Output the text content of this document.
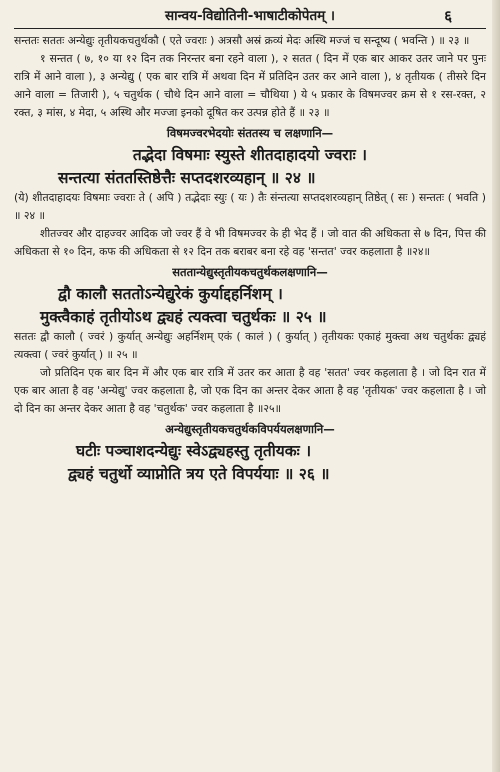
सान्वय-विद्योतिनी-भाषाटीकोपेतम् ।	६

सन्ततः सततः अन्येद्युः तृतीयकचतुर्थकौ ( एते ज्वराः ) अत्रसौ अस्रं क्रव्यं मेदः अस्थि मज्जं च सन्दूष्य ( भवन्ति ) ॥ २३ ॥

१ सन्तत ( ७, १० या १२ दिन तक निरन्तर बना रहने वाला ), २ सतत ( दिन में एक बार आकर उतर जाने पर पुनः रात्रि में आने वाला ), ३ अन्येद्यु ( एक बार रात्रि में अथवा दिन में प्रतिदिन उतर कर आने वाला ), ४ तृतीयक ( तीसरे दिन आने वाला = तिजारी ), ५ चतुर्थक ( चौथे दिन आने वाला = चौथिया ) ये ५ प्रकार के विषमज्वर क्रम से १ रस-रक्त, २ रक्त, ३ मांस, ४ मेदा, ५ अस्थि और मज्जा इनको दूषित कर उत्पन्न होते हैं ॥ २३ ॥

विषमज्वरभेदयोः संततस्य च लक्षणानि—

तद्भेदा विषमाः स्युस्ते शीतदाहादयो ज्वराः ।

सन्तत्या संततस्तिष्ठेत्तैः सप्तदशरव्यहान् ॥ २४ ॥

(ये) शीतदाहादयः विषमाः ज्वराः ते ( अपि ) तद्भेदाः स्युः ( यः ) तैः संन्तत्या सप्तदशरव्यहान् तिष्ठेत् ( सः ) सन्ततः ( भवति ) ॥ २४ ॥

शीतज्वर और दाहज्वर आदिक जो ज्वर हैं वे भी विषमज्वर के ही भेद हैं । जो वात की अधिकता से ७ दिन, पित्त की अधिकता से १० दिन, कफ की अधिकता से १२ दिन तक बराबर बना रहे वह 'सन्तत' ज्वर कहलाता है ॥२४॥

सततान्येद्युस्तृतीयकचतुर्थकलक्षणानि—

द्वौ कालौ सततोऽन्येद्युरेकं कुर्याद्दहर्निशम् ।

मुक्त्वैकाहं तृतीयोऽथ द्व्यहं त्यक्त्वा चतुर्थकः ॥ २५ ॥

सततः द्वौ कालौ ( ज्वरं ) कुर्यात् अन्येद्युः अहर्निशम् एकं ( कालं ) ( कुर्यात् ) तृतीयकः एकाहं मुक्त्वा अथ चतुर्थकः द्व्यहं त्यक्त्वा ( ज्वरं कुर्यात् ) ॥ २५ ॥

जो प्रतिदिन एक बार दिन में और एक बार रात्रि में उतर कर आता है वह 'सतत' ज्वर कहलाता है । जो दिन रात में एक बार आता है वह 'अन्येद्यु' ज्वर कहलाता है, जो एक दिन का अन्तर देकर आता है वह 'तृतीयक' ज्वर कहलाता है । जो दो दिन का अन्तर देकर आता है वह 'चतुर्थक' ज्वर कहलाता है ॥२५॥

अन्येद्युस्तृतीयकचतुर्थकविपर्ययलक्षणानि—

घटीः पञ्चाशदन्येद्युः स्वेऽद्व्यहस्तु तृतीयकः ।

द्व्यहं चतुर्थो व्याप्नोति त्रय एते विपर्ययाः ॥ २६ ॥
